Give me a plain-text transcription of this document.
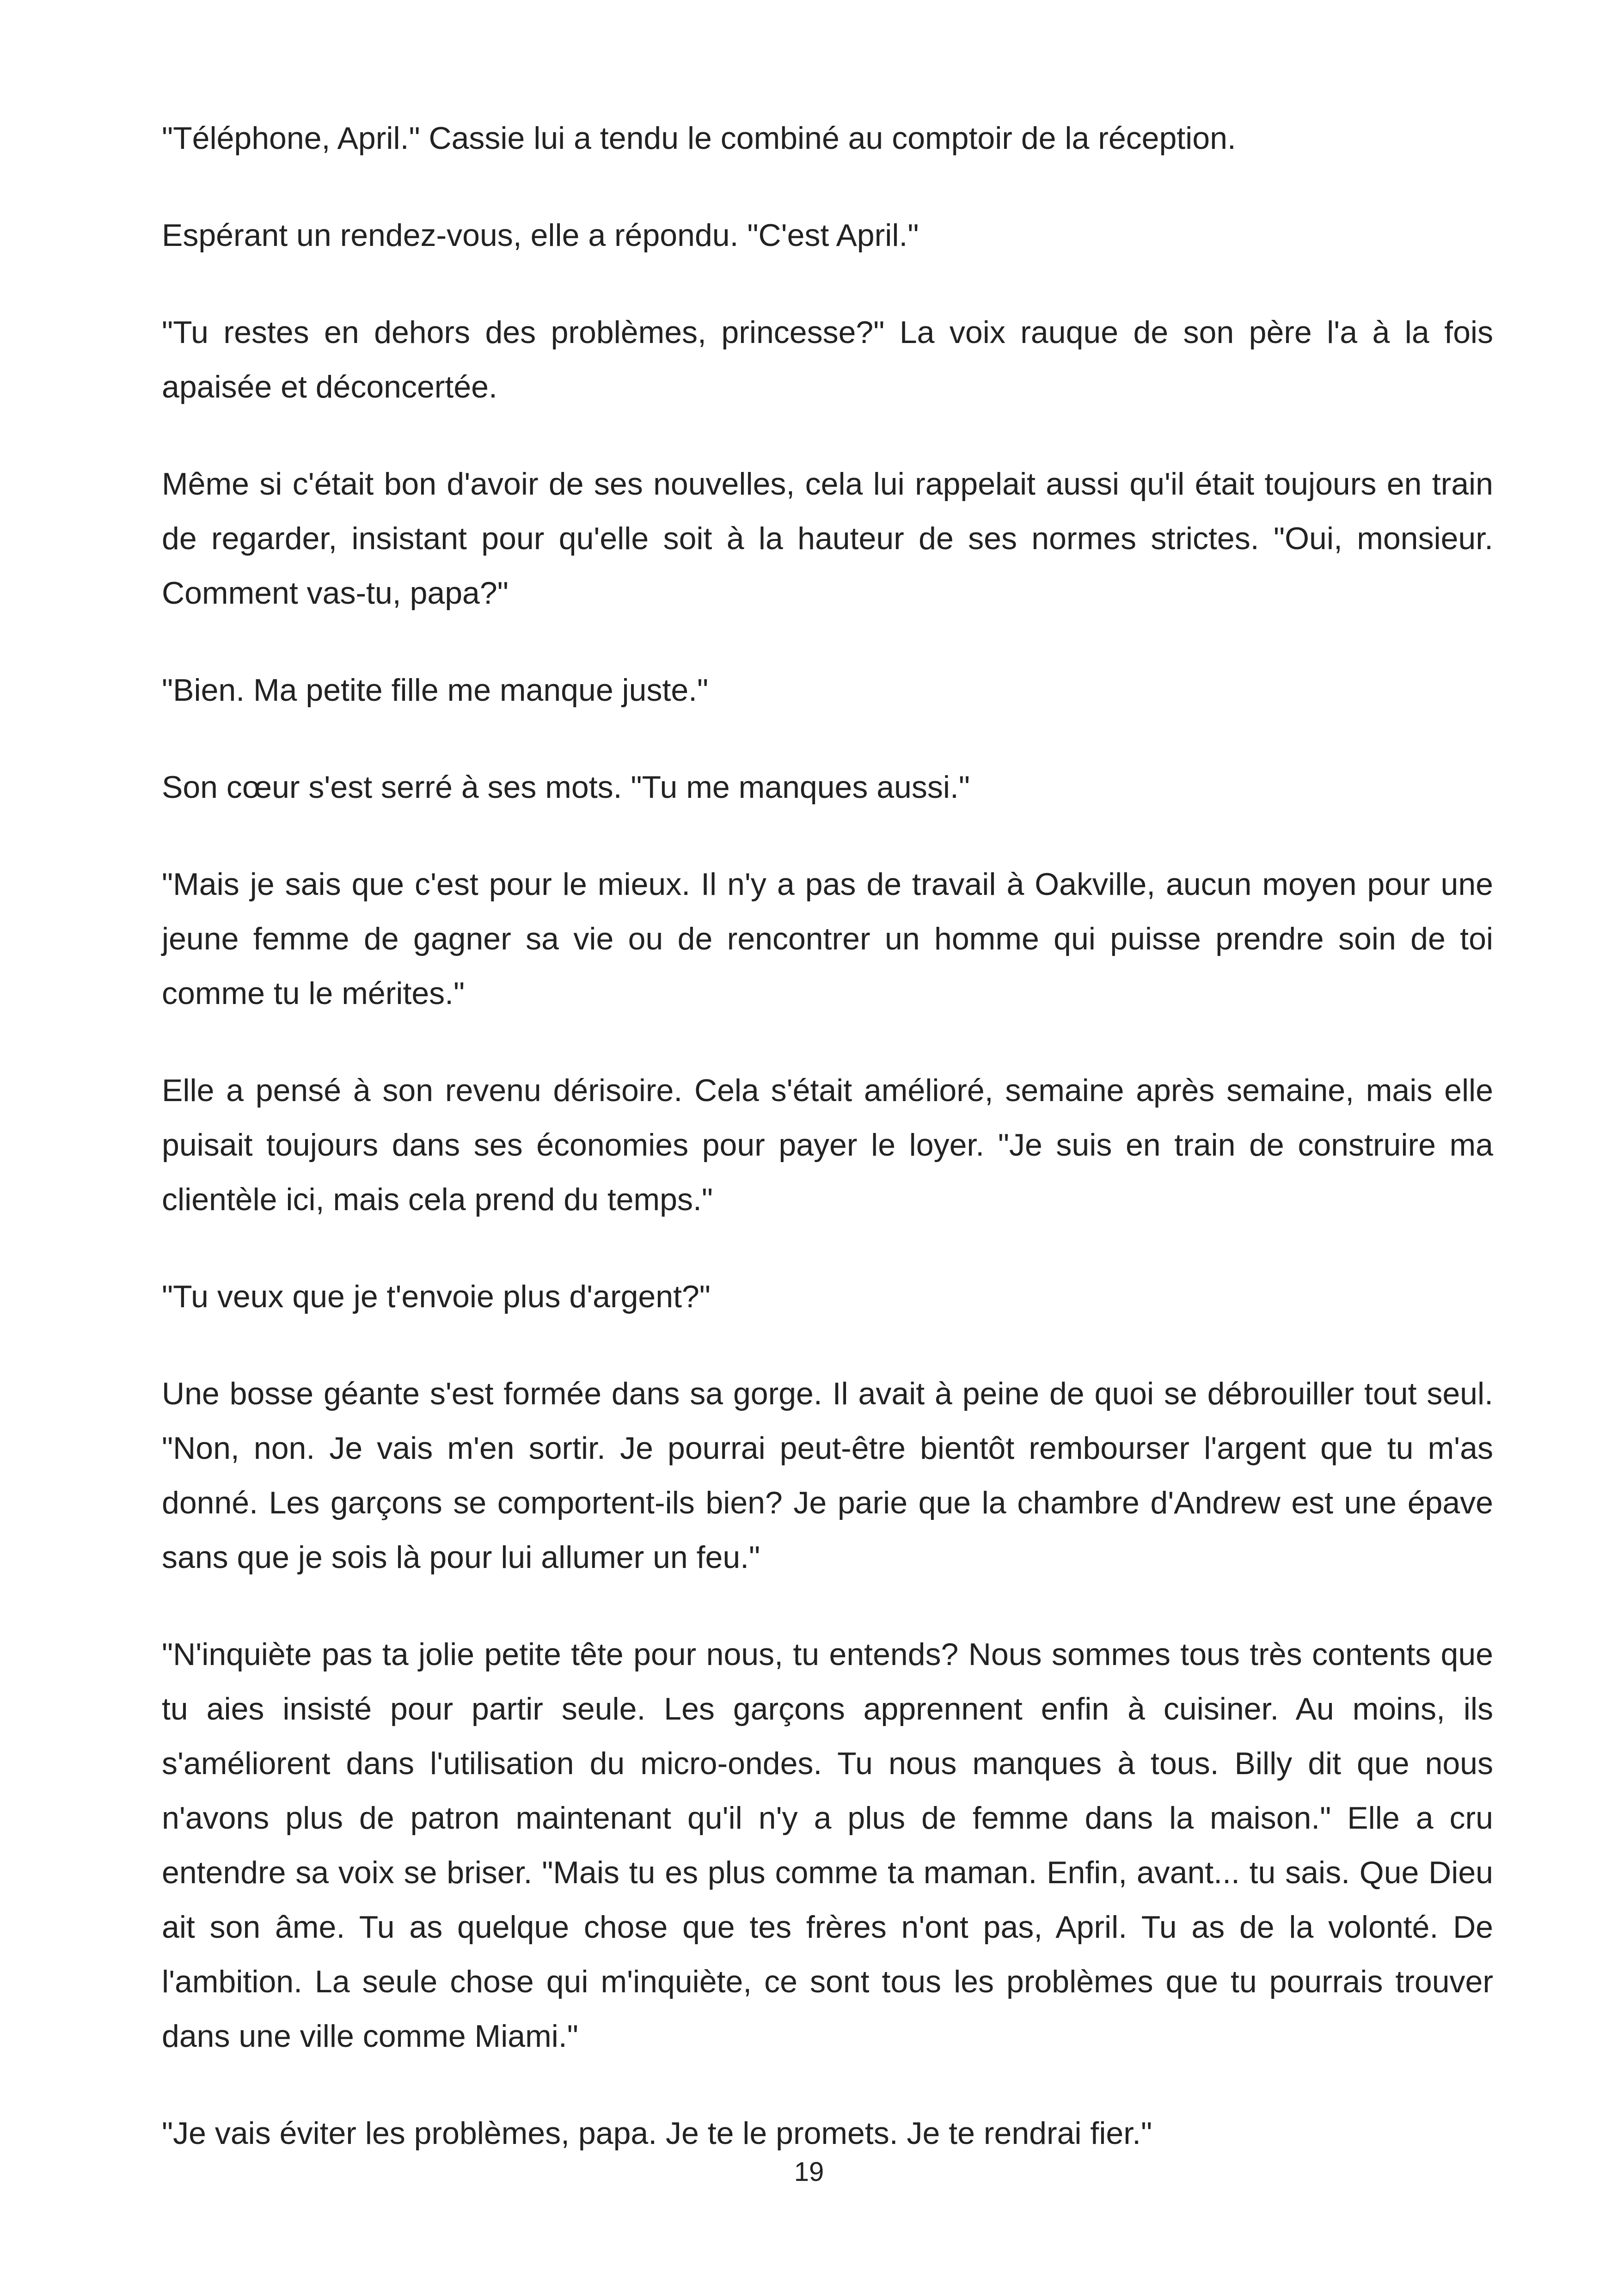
"Téléphone, April." Cassie lui a tendu le combiné au comptoir de la réception.

Espérant un rendez-vous, elle a répondu. "C'est April."

"Tu restes en dehors des problèmes, princesse?" La voix rauque de son père l'a à la fois apaisée et déconcertée.

Même si c'était bon d'avoir de ses nouvelles, cela lui rappelait aussi qu'il était toujours en train de regarder, insistant pour qu'elle soit à la hauteur de ses normes strictes. "Oui, monsieur. Comment vas-tu, papa?"

"Bien. Ma petite fille me manque juste."

Son cœur s'est serré à ses mots. "Tu me manques aussi."

"Mais je sais que c'est pour le mieux. Il n'y a pas de travail à Oakville, aucun moyen pour une jeune femme de gagner sa vie ou de rencontrer un homme qui puisse prendre soin de toi comme tu le mérites."

Elle a pensé à son revenu dérisoire. Cela s'était amélioré, semaine après semaine, mais elle puisait toujours dans ses économies pour payer le loyer. "Je suis en train de construire ma clientèle ici, mais cela prend du temps."

"Tu veux que je t'envoie plus d'argent?"

Une bosse géante s'est formée dans sa gorge. Il avait à peine de quoi se débrouiller tout seul. "Non, non. Je vais m'en sortir. Je pourrai peut-être bientôt rembourser l'argent que tu m'as donné. Les garçons se comportent-ils bien? Je parie que la chambre d'Andrew est une épave sans que je sois là pour lui allumer un feu."

"N'inquiète pas ta jolie petite tête pour nous, tu entends? Nous sommes tous très contents que tu aies insisté pour partir seule. Les garçons apprennent enfin à cuisiner. Au moins, ils s'améliorent dans l'utilisation du micro-ondes. Tu nous manques à tous. Billy dit que nous n'avons plus de patron maintenant qu'il n'y a plus de femme dans la maison." Elle a cru entendre sa voix se briser. "Mais tu es plus comme ta maman. Enfin, avant... tu sais. Que Dieu ait son âme. Tu as quelque chose que tes frères n'ont pas, April. Tu as de la volonté. De l'ambition. La seule chose qui m'inquiète, ce sont tous les problèmes que tu pourrais trouver dans une ville comme Miami."

"Je vais éviter les problèmes, papa. Je te le promets. Je te rendrai fier."

19
